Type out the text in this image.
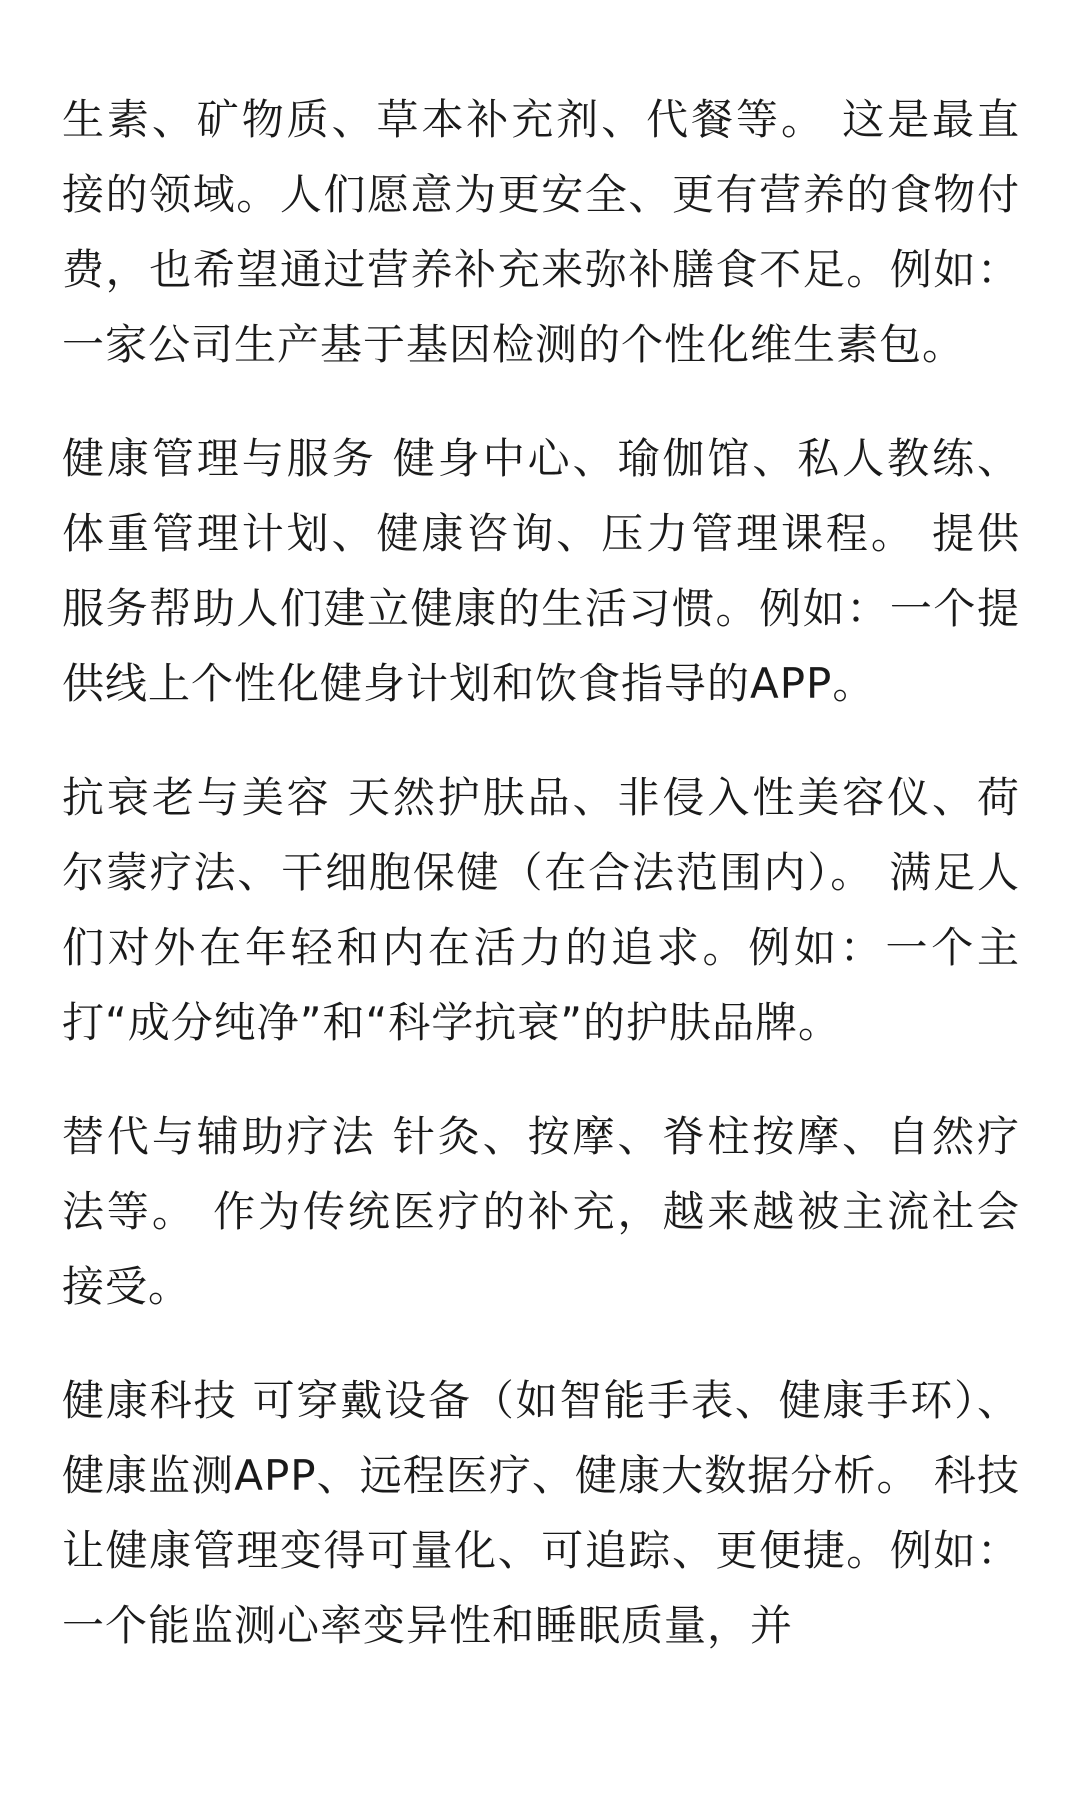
生素、矿物质、草本补充剂、代餐等。 这是最直接的领域。人们愿意为更安全、更有营养的食物付费，也希望通过营养补充来弥补膳食不足。例如：一家公司生产基于基因检测的个性化维生素包。

健康管理与服务 健身中心、瑜伽馆、私人教练、体重管理计划、健康咨询、压力管理课程。 提供服务帮助人们建立健康的生活习惯。例如：一个提供线上个性化健身计划和饮食指导的APP。

抗衰老与美容 天然护肤品、非侵入性美容仪、荷尔蒙疗法、干细胞保健（在合法范围内）。 满足人们对外在年轻和内在活力的追求。例如：一个主打“成分纯净”和“科学抗衰”的护肤品牌。

替代与辅助疗法 针灸、按摩、脊柱按摩、自然疗法等。 作为传统医疗的补充，越来越被主流社会接受。

健康科技 可穿戴设备（如智能手表、健康手环）、健康监测APP、远程医疗、健康大数据分析。 科技让健康管理变得可量化、可追踪、更便捷。例如：一个能监测心率变异性和睡眠质量，并
